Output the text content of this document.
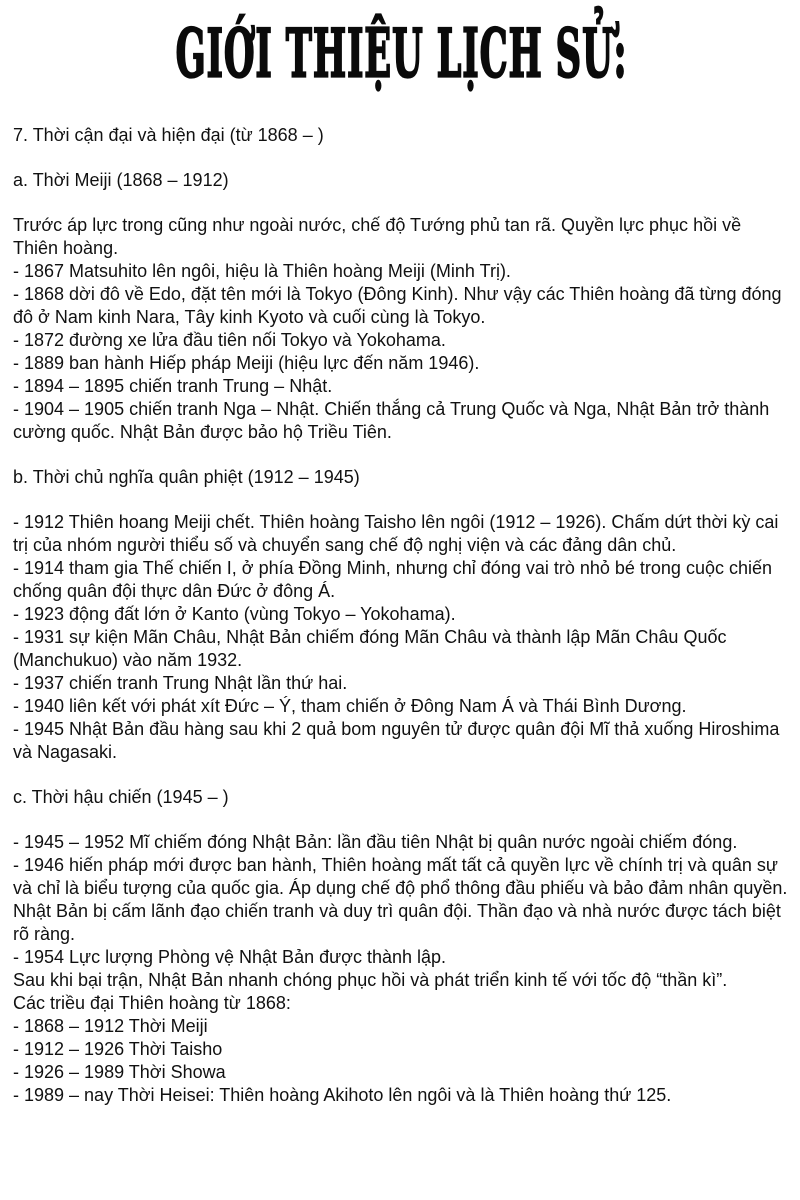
GIỚI THIỆU LỊCH SỬ:

7. Thời cận đại và hiện đại (từ 1868 – )

a. Thời Meiji (1868 – 1912)

Trước áp lực trong cũng như ngoài nước, chế độ Tướng phủ tan rã. Quyền lực phục hồi về Thiên hoàng.

- 1867 Matsuhito lên ngôi, hiệu là Thiên hoàng Meiji (Minh Trị).

- 1868 dời đô về Edo, đặt tên mới là Tokyo (Đông Kinh). Như vậy các Thiên hoàng đã từng đóng đô ở Nam kinh Nara, Tây kinh Kyoto và cuối cùng là Tokyo.

- 1872 đường xe lửa đầu tiên nối Tokyo và Yokohama.

- 1889 ban hành Hiếp pháp Meiji (hiệu lực đến năm 1946).

- 1894 – 1895 chiến tranh Trung – Nhật.

- 1904 – 1905 chiến tranh Nga – Nhật. Chiến thắng cả Trung Quốc và Nga, Nhật Bản trở thành cường quốc. Nhật Bản được bảo hộ Triều Tiên.

b. Thời chủ nghĩa quân phiệt (1912 – 1945)

- 1912 Thiên hoang Meiji chết. Thiên hoàng Taisho lên ngôi (1912 – 1926). Chấm dứt thời kỳ cai trị của nhóm người thiểu số và chuyển sang chế độ nghị viện và các đảng dân chủ.

- 1914 tham gia Thế chiến I, ở phía Đồng Minh, nhưng chỉ đóng vai trò nhỏ bé trong cuộc chiến chống quân đội thực dân Đức ở đông Á.

- 1923 động đất lớn ở Kanto (vùng Tokyo – Yokohama).

- 1931 sự kiện Mãn Châu, Nhật Bản chiếm đóng Mãn Châu và thành lập Mãn Châu Quốc (Manchukuo) vào năm 1932.

- 1937 chiến tranh Trung Nhật lần thứ hai.

- 1940 liên kết với phát xít Đức – Ý, tham chiến ở Đông Nam Á và Thái Bình Dương.

- 1945 Nhật Bản đầu hàng sau khi 2 quả bom nguyên tử được quân đội Mĩ thả xuống Hiroshima và Nagasaki.

c. Thời hậu chiến (1945 – )

- 1945 – 1952 Mĩ chiếm đóng Nhật Bản: lần đầu tiên Nhật bị quân nước ngoài chiếm đóng.

- 1946 hiến pháp mới được ban hành, Thiên hoàng mất tất cả quyền lực về chính trị và quân sự và chỉ là biểu tượng của quốc gia. Áp dụng chế độ phổ thông đầu phiếu và bảo đảm nhân quyền. Nhật Bản bị cấm lãnh đạo chiến tranh và duy trì quân đội. Thần đạo và nhà nước được tách biệt rõ ràng.

- 1954 Lực lượng Phòng vệ Nhật Bản được thành lập.

Sau khi bại trận, Nhật Bản nhanh chóng phục hồi và phát triển kinh tế với tốc độ “thần kì”.

Các triều đại Thiên hoàng từ 1868:

- 1868 – 1912 Thời Meiji

- 1912 – 1926 Thời Taisho

- 1926 – 1989 Thời Showa

- 1989 – nay Thời Heisei: Thiên hoàng Akihoto lên ngôi và là Thiên hoàng thứ 125.
